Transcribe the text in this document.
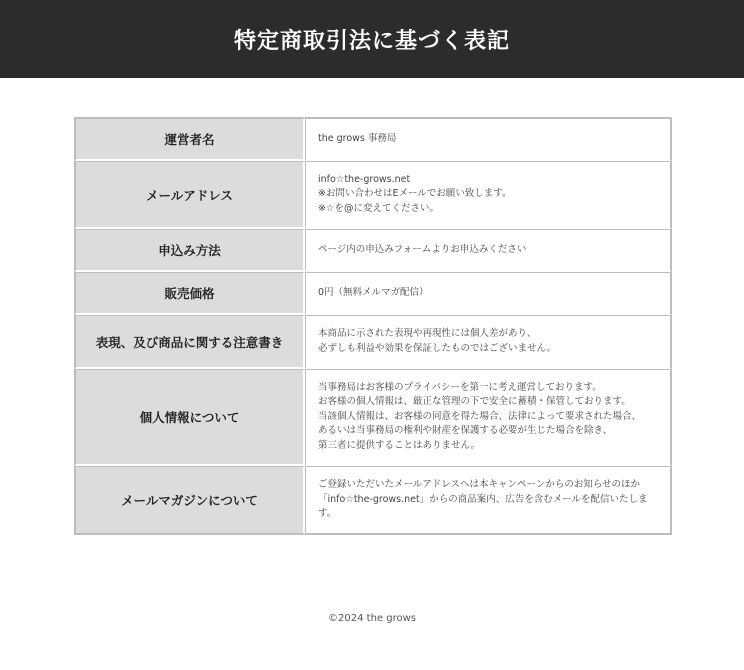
特定商取引法に基づく表記
運営者名	the grows 事務局

メールアドレス	info☆the-grows.net
※お問い合わせはEメールでお願い致します。
※☆を@に変えてください。

申込み方法	ページ内の申込みフォームよりお申込みください

販売価格	0円（無料メルマガ配信）

表現、及び商品に関する注意書き	本商品に示された表現や再現性には個人差があり、
必ずしも利益や効果を保証したものではございません。

個人情報について	当事務局はお客様のプライバシーを第一に考え運営しております。
お客様の個人情報は、厳正な管理の下で安全に蓄積・保管しております。
当該個人情報は、お客様の同意を得た場合、法律によって要求された場合、
あるいは当事務局の権利や財産を保護する必要が生じた場合を除き、
第三者に提供することはありません。

メールマガジンについて	ご登録いただいたメールアドレスへは本キャンペーンからのお知らせのほか「info☆the-grows.net」からの商品案内、広告を含むメールを配信いたします。
©2024 the grows
